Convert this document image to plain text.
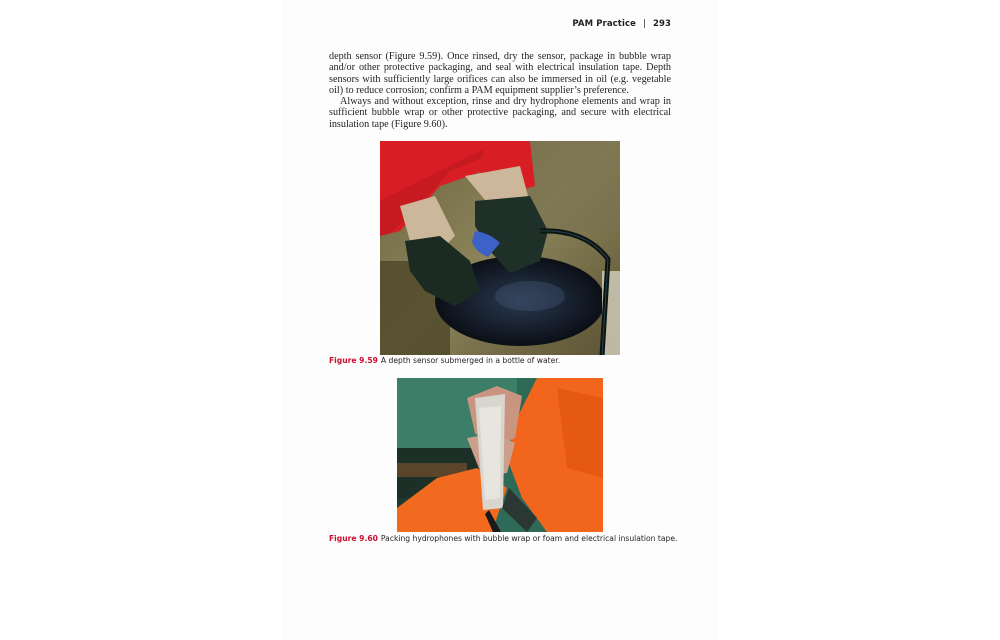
PAM Practice | 293

depth sensor (Figure 9.59). Once rinsed, dry the sensor, package in bubble wrap and/or other protective packaging, and seal with electrical insulation tape. Depth sensors with sufficiently large orifices can also be immersed in oil (e.g. vegetable oil) to reduce corrosion; confirm a PAM equipment supplier’s preference.

Always and without exception, rinse and dry hydrophone elements and wrap in sufficient bubble wrap or other protective packaging, and secure with electrical insulation tape (Figure 9.60).

Figure 9.59 A depth sensor submerged in a bottle of water.
Figure 9.60 Packing hydrophones with bubble wrap or foam and electrical insulation tape.
